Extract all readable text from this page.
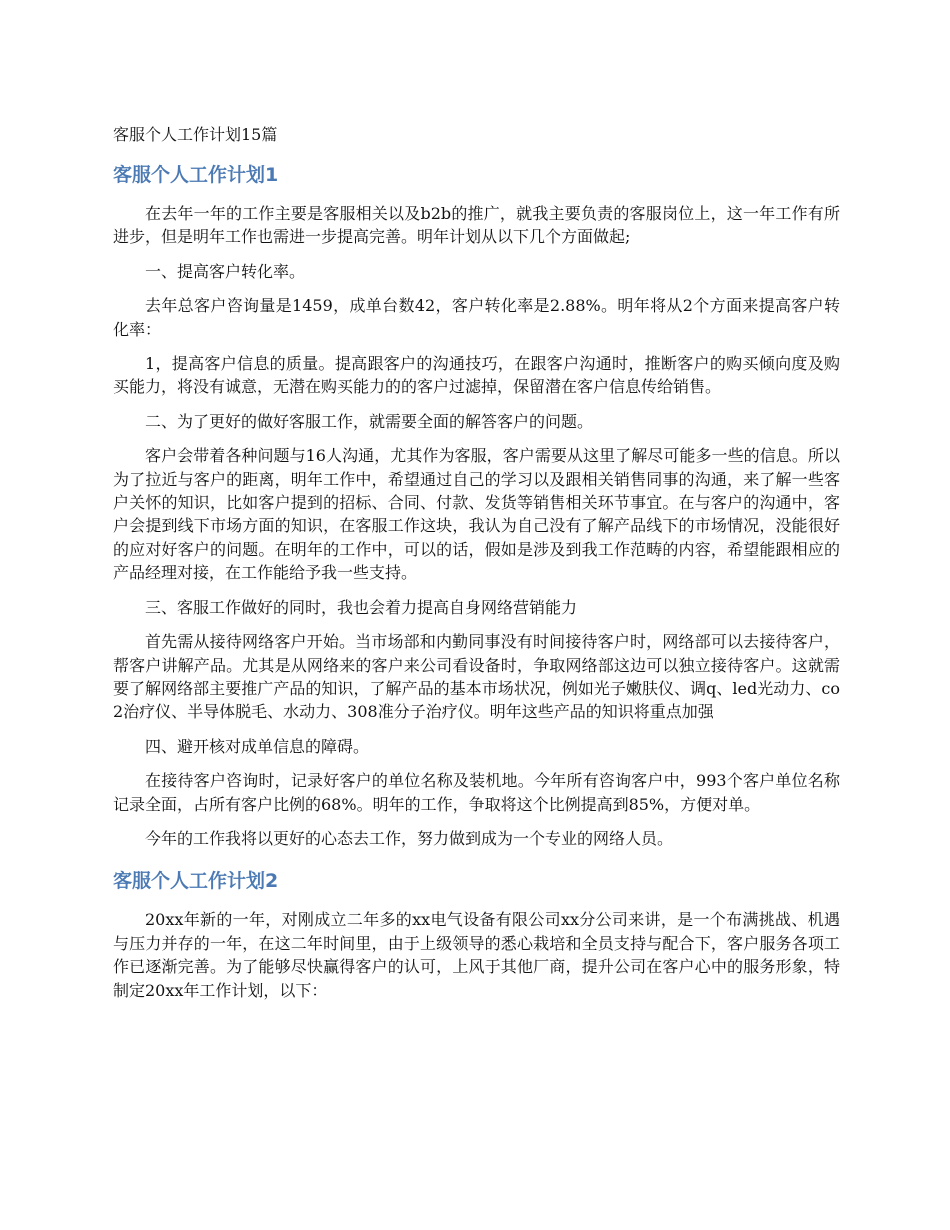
客服个人工作计划15篇
客服个人工作计划1

在去年一年的工作主要是客服相关以及b2b的推广，就我主要负责的客服岗位上，这一年工作有所进步，但是明年工作也需进一步提高完善。明年计划从以下几个方面做起;

一、提高客户转化率。

去年总客户咨询量是1459，成单台数42，客户转化率是2.88%。明年将从2个方面来提高客户转化率：

1，提高客户信息的质量。提高跟客户的沟通技巧，在跟客户沟通时，推断客户的购买倾向度及购买能力，将没有诚意，无潜在购买能力的的客户过滤掉，保留潜在客户信息传给销售。

二、为了更好的做好客服工作，就需要全面的解答客户的问题。

客户会带着各种问题与16人沟通，尤其作为客服，客户需要从这里了解尽可能多一些的信息。所以为了拉近与客户的距离，明年工作中，希望通过自己的学习以及跟相关销售同事的沟通，来了解一些客户关怀的知识，比如客户提到的招标、合同、付款、发货等销售相关环节事宜。在与客户的沟通中，客户会提到线下市场方面的知识，在客服工作这块，我认为自己没有了解产品线下的市场情况，没能很好的应对好客户的问题。在明年的工作中，可以的话，假如是涉及到我工作范畴的内容，希望能跟相应的产品经理对接，在工作能给予我一些支持。

三、客服工作做好的同时，我也会着力提高自身网络营销能力

首先需从接待网络客户开始。当市场部和内勤同事没有时间接待客户时，网络部可以去接待客户，帮客户讲解产品。尤其是从网络来的客户来公司看设备时，争取网络部这边可以独立接待客户。这就需要了解网络部主要推广产品的知识，了解产品的基本市场状况，例如光子嫩肤仪、调q、led光动力、co2治疗仪、半导体脱毛、水动力、308准分子治疗仪。明年这些产品的知识将重点加强

四、避开核对成单信息的障碍。

在接待客户咨询时，记录好客户的单位名称及装机地。今年所有咨询客户中，993个客户单位名称记录全面，占所有客户比例的68%。明年的工作，争取将这个比例提高到85%，方便对单。

今年的工作我将以更好的心态去工作，努力做到成为一个专业的网络人员。

客服个人工作计划2

20xx年新的一年，对刚成立二年多的xx电气设备有限公司xx分公司来讲，是一个布满挑战、机遇与压力并存的一年，在这二年时间里，由于上级领导的悉心栽培和全员支持与配合下，客户服务各项工作已逐渐完善。为了能够尽快赢得客户的认可，上风于其他厂商，提升公司在客户心中的服务形象，特制定20xx年工作计划，以下：
